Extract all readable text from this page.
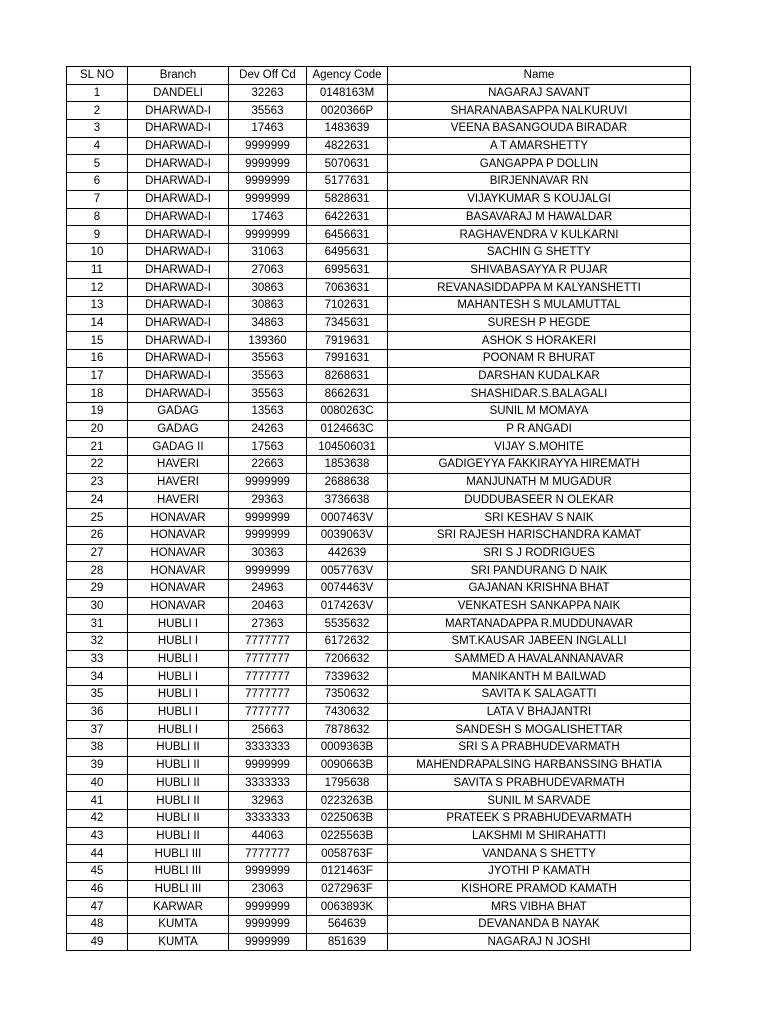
SL NO	Branch	Dev Off Cd	Agency Code	Name
1	DANDELI	32263	0148163M	NAGARAJ SAVANT
2	DHARWAD-I	35563	0020366P	SHARANABASAPPA NALKURUVI
3	DHARWAD-I	17463	1483639	VEENA BASANGOUDA BIRADAR
4	DHARWAD-I	9999999	4822631	A T AMARSHETTY
5	DHARWAD-I	9999999	5070631	GANGAPPA P DOLLIN
6	DHARWAD-I	9999999	5177631	BIRJENNAVAR RN
7	DHARWAD-I	9999999	5828631	VIJAYKUMAR S KOUJALGI
8	DHARWAD-I	17463	6422631	BASAVARAJ M HAWALDAR
9	DHARWAD-I	9999999	6456631	RAGHAVENDRA V KULKARNI
10	DHARWAD-I	31063	6495631	SACHIN G SHETTY
11	DHARWAD-I	27063	6995631	SHIVABASAYYA R PUJAR
12	DHARWAD-I	30863	7063631	REVANASIDDAPPA M KALYANSHETTI
13	DHARWAD-I	30863	7102631	MAHANTESH S MULAMUTTAL
14	DHARWAD-I	34863	7345631	SURESH P HEGDE
15	DHARWAD-I	139360	7919631	ASHOK S HORAKERI
16	DHARWAD-I	35563	7991631	POONAM R BHURAT
17	DHARWAD-I	35563	8268631	DARSHAN KUDALKAR
18	DHARWAD-I	35563	8662631	SHASHIDAR.S.BALAGALI
19	GADAG	13563	0080263C	SUNIL M MOMAYA
20	GADAG	24263	0124663C	P R ANGADI
21	GADAG II	17563	104506031	VIJAY S.MOHITE
22	HAVERI	22663	1853638	GADIGEYYA FAKKIRAYYA HIREMATH
23	HAVERI	9999999	2688638	MANJUNATH M MUGADUR
24	HAVERI	29363	3736638	DUDDUBASEER N OLEKAR
25	HONAVAR	9999999	0007463V	SRI KESHAV S NAIK
26	HONAVAR	9999999	0039063V	SRI RAJESH HARISCHANDRA KAMAT
27	HONAVAR	30363	442639	SRI S J RODRIGUES
28	HONAVAR	9999999	0057763V	SRI PANDURANG D NAIK
29	HONAVAR	24963	0074463V	GAJANAN KRISHNA BHAT
30	HONAVAR	20463	0174263V	VENKATESH SANKAPPA NAIK
31	HUBLI I	27363	5535632	MARTANADAPPA R.MUDDUNAVAR
32	HUBLI I	7777777	6172632	SMT.KAUSAR JABEEN INGLALLI
33	HUBLI I	7777777	7206632	SAMMED A HAVALANNANAVAR
34	HUBLI I	7777777	7339632	MANIKANTH M BAILWAD
35	HUBLI I	7777777	7350632	SAVITA K SALAGATTI
36	HUBLI I	7777777	7430632	LATA V BHAJANTRI
37	HUBLI I	25663	7878632	SANDESH S MOGALISHETTAR
38	HUBLI II	3333333	0009363B	SRI S A PRABHUDEVARMATH
39	HUBLI II	9999999	0090663B	MAHENDRAPALSING HARBANSSING BHATIA
40	HUBLI II	3333333	1795638	SAVITA S PRABHUDEVARMATH
41	HUBLI II	32963	0223263B	SUNIL M SARVADE
42	HUBLI II	3333333	0225063B	PRATEEK S PRABHUDEVARMATH
43	HUBLI II	44063	0225563B	LAKSHMI M SHIRAHATTI
44	HUBLI III	7777777	0058763F	VANDANA S SHETTY
45	HUBLI III	9999999	0121463F	JYOTHI P KAMATH
46	HUBLI III	23063	0272963F	KISHORE PRAMOD KAMATH
47	KARWAR	9999999	0063893K	MRS VIBHA BHAT
48	KUMTA	9999999	564639	DEVANANDA B NAYAK
49	KUMTA	9999999	851639	NAGARAJ N JOSHI
